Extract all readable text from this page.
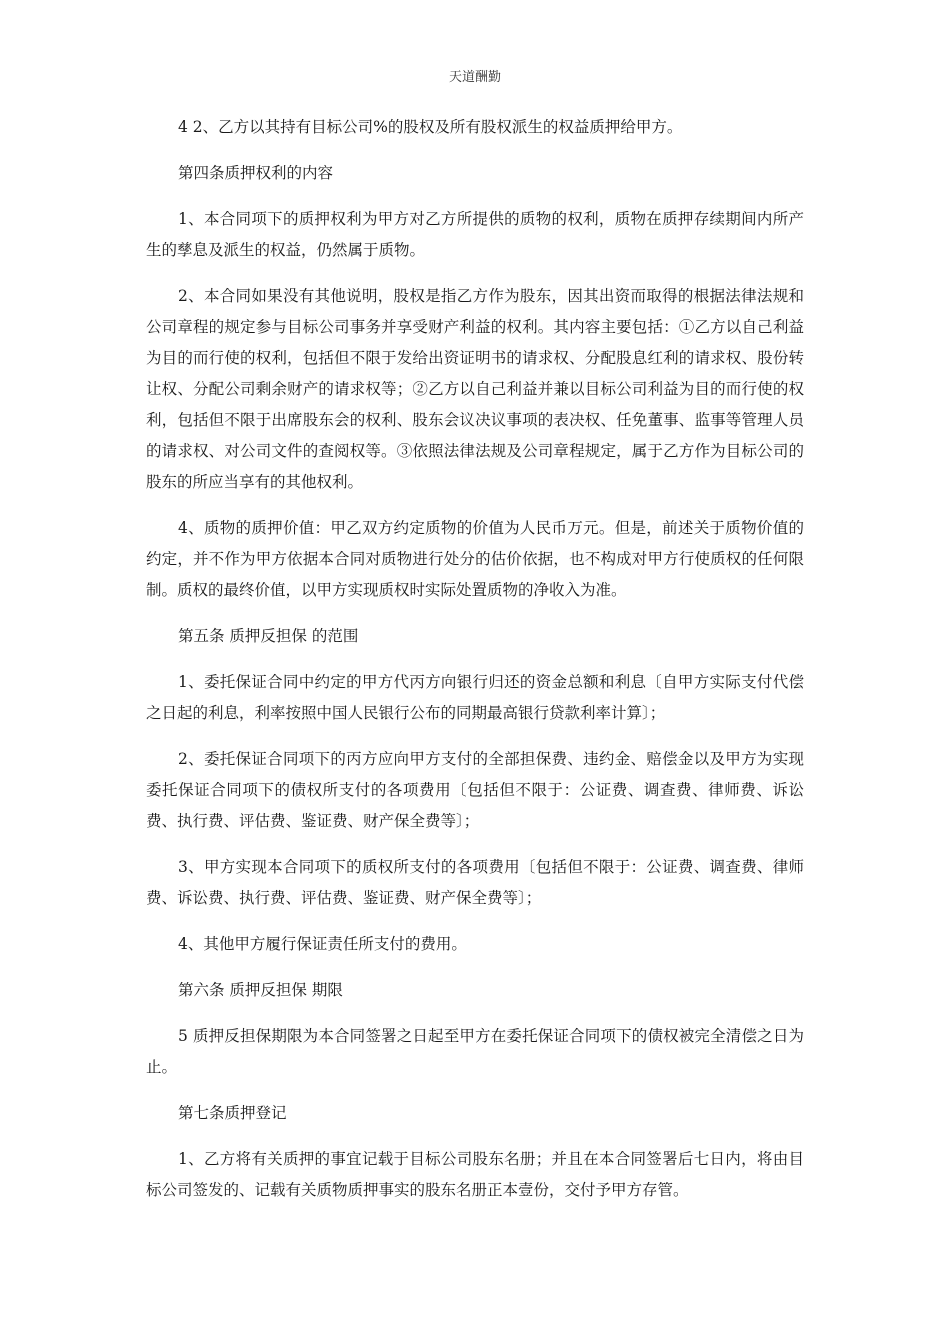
天道酬勤

4 2、乙方以其持有目标公司%的股权及所有股权派生的权益质押给甲方。

第四条质押权利的内容

1、本合同项下的质押权利为甲方对乙方所提供的质物的权利，质物在质押存续期间内所产生的孳息及派生的权益，仍然属于质物。

2、本合同如果没有其他说明，股权是指乙方作为股东，因其出资而取得的根据法律法规和公司章程的规定参与目标公司事务并享受财产利益的权利。其内容主要包括：①乙方以自己利益为目的而行使的权利，包括但不限于发给出资证明书的请求权、分配股息红利的请求权、股份转让权、分配公司剩余财产的请求权等；②乙方以自己利益并兼以目标公司利益为目的而行使的权利，包括但不限于出席股东会的权利、股东会议决议事项的表决权、任免董事、监事等管理人员的请求权、对公司文件的查阅权等。③依照法律法规及公司章程规定，属于乙方作为目标公司的股东的所应当享有的其他权利。

4、质物的质押价值：甲乙双方约定质物的价值为人民币万元。但是，前述关于质物价值的约定，并不作为甲方依据本合同对质物进行处分的估价依据，也不构成对甲方行使质权的任何限制。质权的最终价值，以甲方实现质权时实际处置质物的净收入为准。

第五条 质押反担保 的范围

1、委托保证合同中约定的甲方代丙方向银行归还的资金总额和利息〔自甲方实际支付代偿之日起的利息，利率按照中国人民银行公布的同期最高银行贷款利率计算〕；

2、委托保证合同项下的丙方应向甲方支付的全部担保费、违约金、赔偿金以及甲方为实现委托保证合同项下的债权所支付的各项费用〔包括但不限于：公证费、调查费、律师费、诉讼费、执行费、评估费、鉴证费、财产保全费等〕；

3、甲方实现本合同项下的质权所支付的各项费用〔包括但不限于：公证费、调查费、律师费、诉讼费、执行费、评估费、鉴证费、财产保全费等〕；

4、其他甲方履行保证责任所支付的费用。

第六条 质押反担保 期限

5 质押反担保期限为本合同签署之日起至甲方在委托保证合同项下的债权被完全清偿之日为止。

第七条质押登记

1、乙方将有关质押的事宜记载于目标公司股东名册；并且在本合同签署后七日内，将由目标公司签发的、记载有关质物质押事实的股东名册正本壹份，交付予甲方存管。
